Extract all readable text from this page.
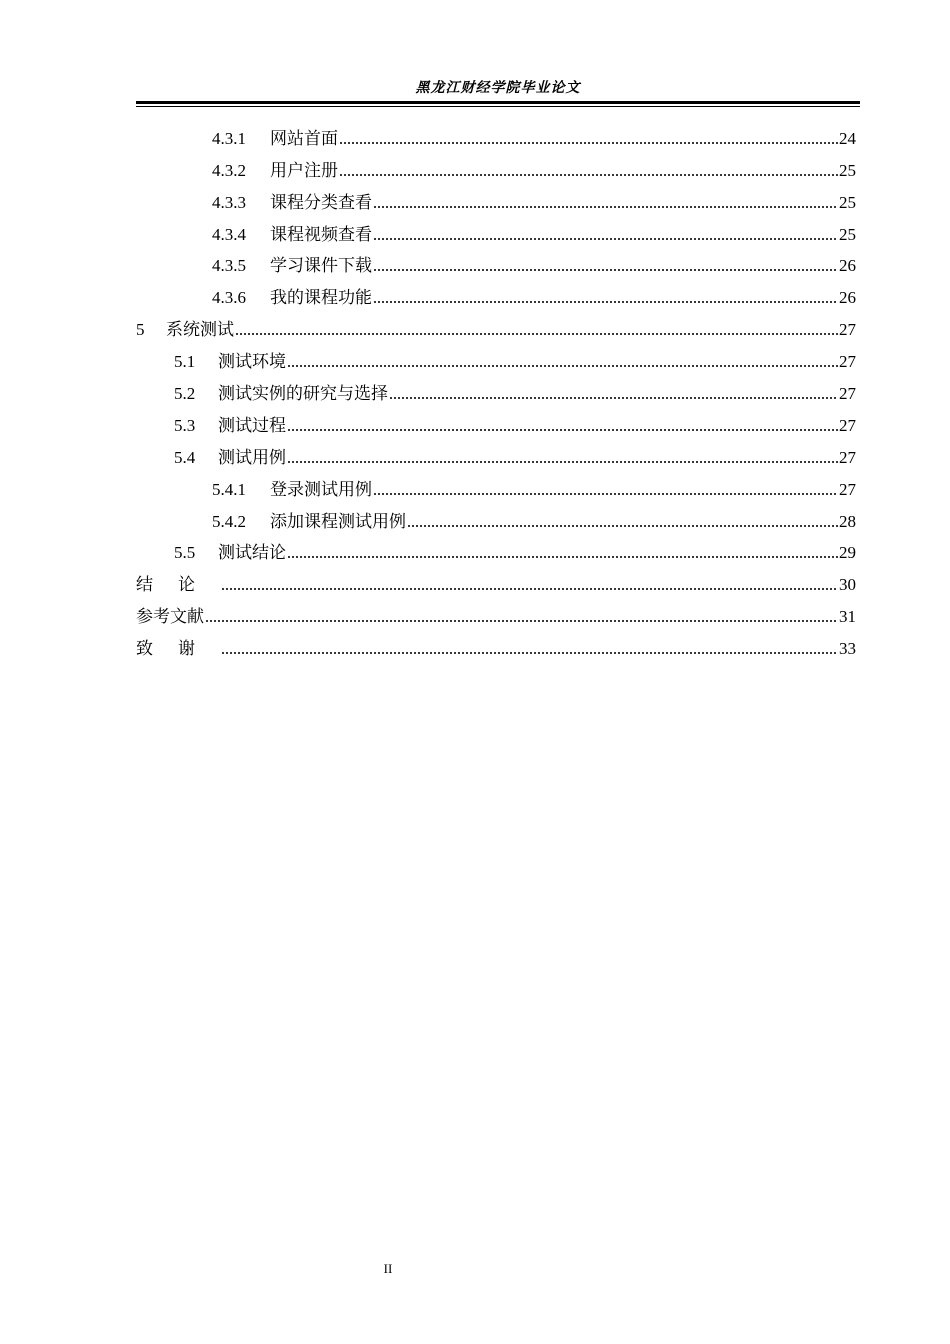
黑龙江财经学院毕业论文
4.3.1	网站首面	24
4.3.2	用户注册	25
4.3.3	课程分类查看	25
4.3.4	课程视频查看	25
4.3.5	学习课件下载	26
4.3.6	我的课程功能	26
5	系统测试	27
5.1	测试环境	27
5.2	测试实例的研究与选择	27
5.3	测试过程	27
5.4	测试用例	27
5.4.1	登录测试用例	27
5.4.2	添加课程测试用例	28
5.5	测试结论	29
结论	30
参考文献	31
致谢	33
II
